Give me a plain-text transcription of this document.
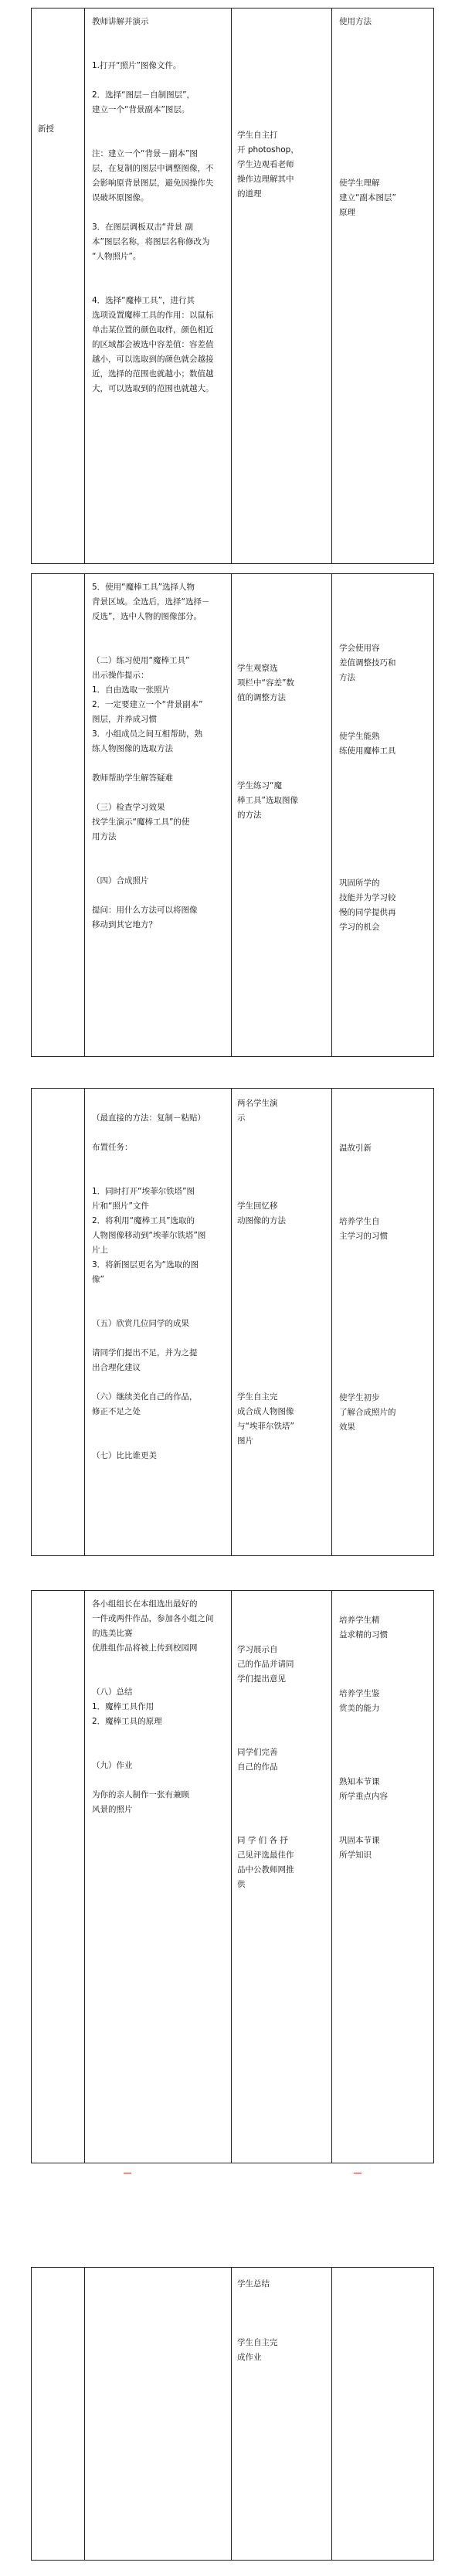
新授

教师讲解并演示

1.打开“照片”图像文件。

2．选择“图层－自制图层”，

建立一个“背景副本”图层。

注：建立一个“背景－副本”图

层，在复制的图层中调整图像，不

会影响原背景图层，避免因操作失

误破坏原图像。

3．在图层调板双击“背景 副

本”图层名称，将图层名称修改为

“人物照片”。

4．选择“魔棒工具”，进行其

选项设置魔棒工具的作用：以鼠标

单击某位置的颜色取样，颜色相近

的区域都会被选中容差值：容差值

越小，可以选取到的颜色就会越接

近，选择的范围也就越小；数值越

大，可以选取到的范围也就越大。

学生自主打

开 photoshop，

学生边观看老师

操作边理解其中

的道理

使用方法

使学生理解

建立“副本图层”

原理

5．使用“魔棒工具”选择人物

背景区域。全选后，选择“选择－

反选”，选中人物的图像部分。

（二）练习使用“魔棒工具”

出示操作提示：

1．自由选取一张照片

2．一定要建立一个“背景副本”

图层，并养成习惯

3．小组成员之间互相帮助，熟

练人物图像的选取方法

教师帮助学生解答疑难

（三）检查学习效果

找学生演示“魔棒工具”的使

用方法

（四）合成照片

提问：用什么方法可以将图像

移动到其它地方？

学生观察选

项栏中“容差”数

值的调整方法

学生练习“魔

棒工具”选取图像

的方法

学会使用容

差值调整技巧和

方法

使学生能熟

练使用魔棒工具

巩固所学的

技能并为学习较

慢的同学提供再

学习的机会

（最直接的方法：复制－粘贴）

布置任务：

1．同时打开“埃菲尔铁塔”图

片和“照片”文件

2．将利用“魔棒工具”选取的

人物图像移动到“埃菲尔铁塔”图

片上

3．将新图层更名为“选取的图

像”

（五）欣赏几位同学的成果

请同学们提出不足，并为之提

出合理化建议

（六）继续美化自己的作品，

修正不足之处

（七）比比谁更美

两名学生演

示

学生回忆移

动图像的方法

学生自主完

成合成人物图像

与“埃菲尔铁塔”

图片

温故引新

培养学生自

主学习的习惯

使学生初步

了解合成照片的

效果

各小组组长在本组选出最好的

一件或两件作品，参加各小组之间

的选美比赛

优胜组作品将被上传到校园网

（八）总结

1．魔棒工具作用

2．魔棒工具的原理

（九）作业

为你的亲人制作一张有兼顾

风景的照片

学习展示自

己的作品并请同

学们提出意见

同学们完善

自己的作品

同 学 们 各 抒

己见评选最佳作

品中公教师网推

供

培养学生精

益求精的习惯

培养学生鉴

赏美的能力

熟知本节课

所学重点内容

巩固本节课

所学知识

学生总结

学生自主完

成作业
